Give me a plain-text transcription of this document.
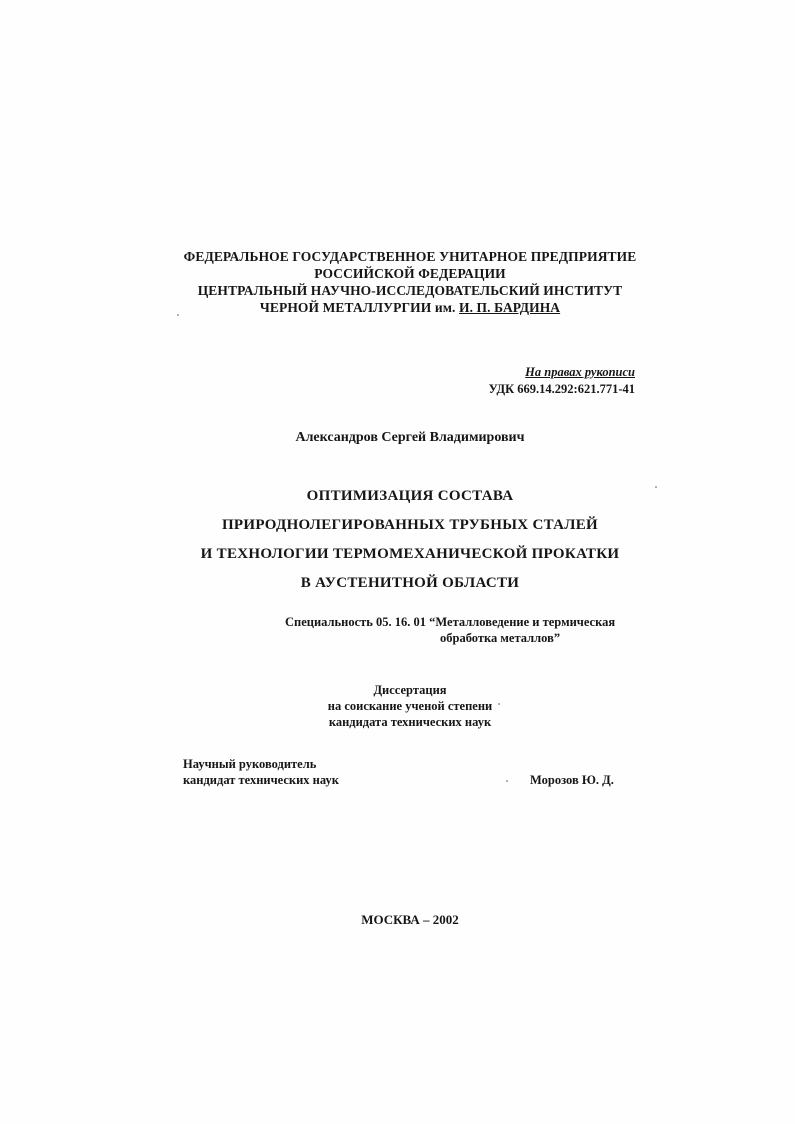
ФЕДЕРАЛЬНОЕ ГОСУДАРСТВЕННОЕ УНИТАРНОЕ ПРЕДПРИЯТИЕ
РОССИЙСКОЙ ФЕДЕРАЦИИ
ЦЕНТРАЛЬНЫЙ НАУЧНО-ИССЛЕДОВАТЕЛЬСКИЙ ИНСТИТУТ
ЧЕРНОЙ МЕТАЛЛУРГИИ им. И. П. БАРДИНА
На правах рукописи
УДК 669.14.292:621.771-41
Александров Сергей Владимирович
ОПТИМИЗАЦИЯ СОСТАВА
ПРИРОДНОЛЕГИРОВАННЫХ ТРУБНЫХ СТАЛЕЙ
И ТЕХНОЛОГИИ ТЕРМОМЕХАНИЧЕСКОЙ ПРОКАТКИ
В АУСТЕНИТНОЙ ОБЛАСТИ
Специальность 05. 16. 01 “Металловедение и термическая
обработка металлов”
Диссертация
на соискание ученой степени
кандидата технических наук
Научный руководитель
кандидат технических наук	Морозов Ю. Д.
МОСКВА – 2002
